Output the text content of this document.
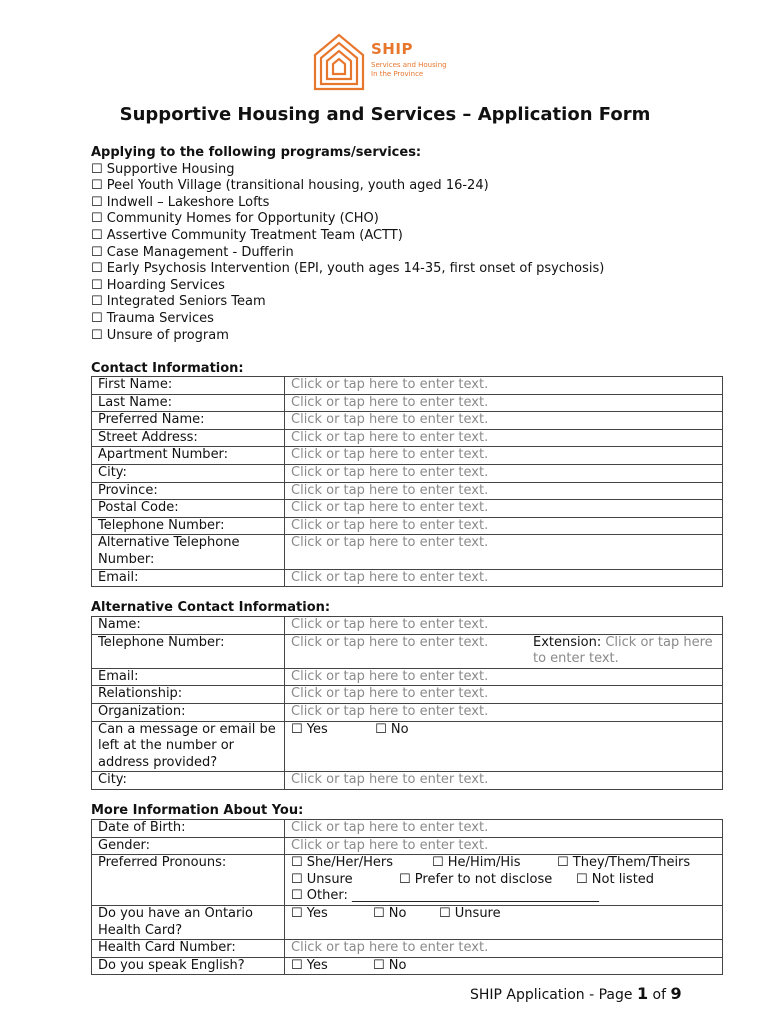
SHIP
Services and Housing
In the Province
Supportive Housing and Services – Application Form
Applying to the following programs/services:
☐ Supportive Housing
☐ Peel Youth Village (transitional housing, youth aged 16-24)
☐ Indwell – Lakeshore Lofts
☐ Community Homes for Opportunity (CHO)
☐ Assertive Community Treatment Team (ACTT)
☐ Case Management - Dufferin
☐ Early Psychosis Intervention (EPI, youth ages 14-35, first onset of psychosis)
☐ Hoarding Services
☐ Integrated Seniors Team
☐ Trauma Services
☐ Unsure of program
Contact Information:
First Name:	Click or tap here to enter text.
Last Name:	Click or tap here to enter text.
Preferred Name:	Click or tap here to enter text.
Street Address:	Click or tap here to enter text.
Apartment Number:	Click or tap here to enter text.
City:	Click or tap here to enter text.
Province:	Click or tap here to enter text.
Postal Code:	Click or tap here to enter text.
Telephone Number:	Click or tap here to enter text.
Alternative Telephone Number:	Click or tap here to enter text.
Email:	Click or tap here to enter text.
Alternative Contact Information:
Name:	Click or tap here to enter text.
Telephone Number:	Click or tap here to enter text. Extension: Click or tap here to enter text.

Email:	Click or tap here to enter text.
Relationship:	Click or tap here to enter text.
Organization:	Click or tap here to enter text.
Can a message or email be left at the number or address provided?	☐ Yes ☐ No
City:	Click or tap here to enter text.
More Information About You:
Date of Birth:	Click or tap here to enter text.
Gender:	Click or tap here to enter text.
Preferred Pronouns:	☐ She/Her/Hers ☐ He/Him/His ☐ They/Them/Theirs
☐ Unsure ☐ Prefer to not disclose ☐ Not listed
☐ Other: ______________________________________

Do you have an Ontario Health Card?	☐ Yes ☐ No ☐ Unsure
Health Card Number:	Click or tap here to enter text.
Do you speak English?	☐ Yes ☐ No
SHIP Application - Page 1 of 9
